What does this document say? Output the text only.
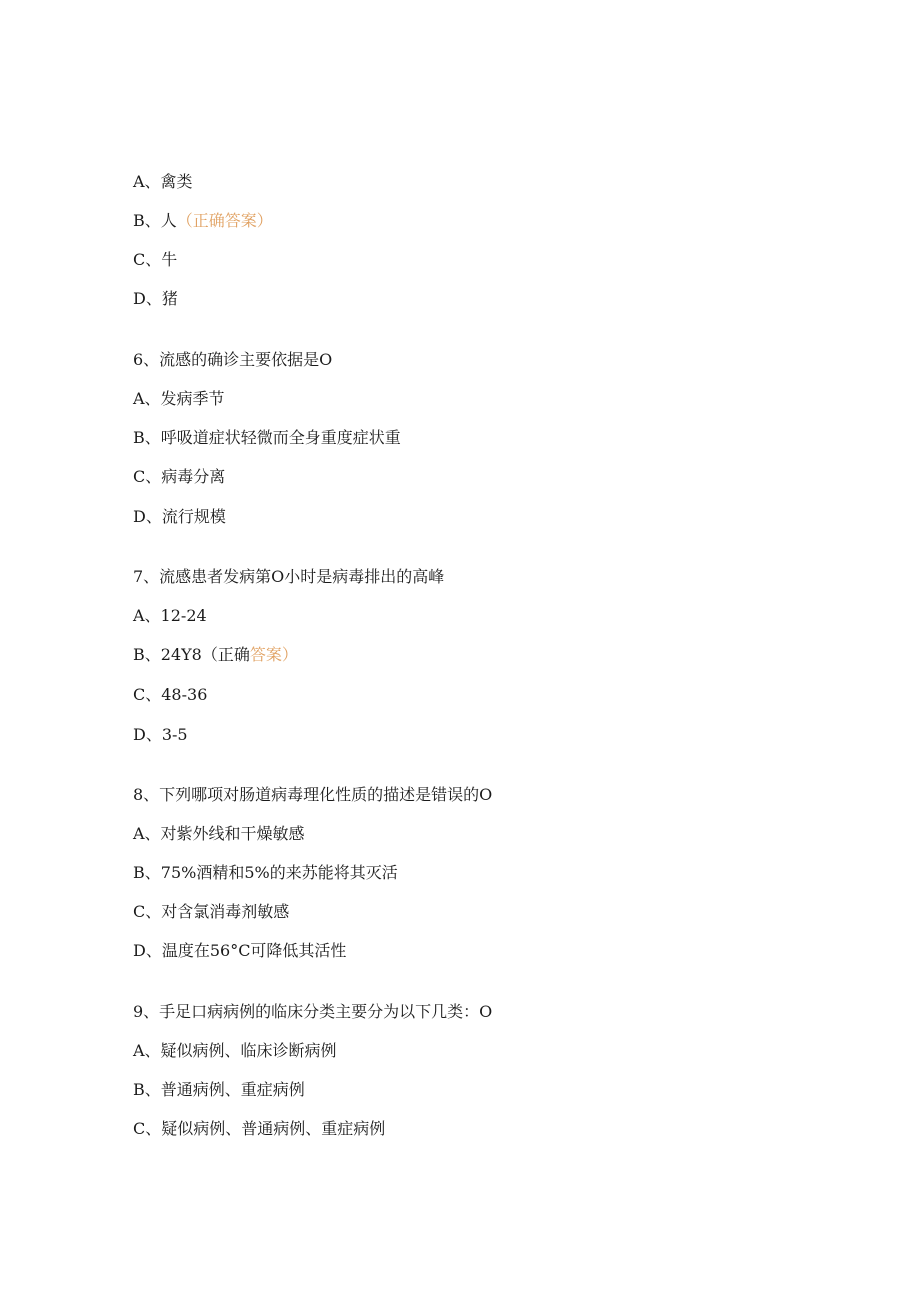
A、禽类
B、人（正确答案）
C、牛
D、猪
6、流感的确诊主要依据是O
A、发病季节
B、呼吸道症状轻微而全身重度症状重
C、病毒分离
D、流行规模
7、流感患者发病第O小时是病毒排出的高峰
A、12-24
B、24Y8（正确答案）
C、48-36
D、3-5
8、下列哪项对肠道病毒理化性质的描述是错误的O
A、对紫外线和干燥敏感
B、75%酒精和5%的来苏能将其灭活
C、对含氯消毒剂敏感
D、温度在56°C可降低其活性
9、手足口病病例的临床分类主要分为以下几类：O
A、疑似病例、临床诊断病例
B、普通病例、重症病例
C、疑似病例、普通病例、重症病例
